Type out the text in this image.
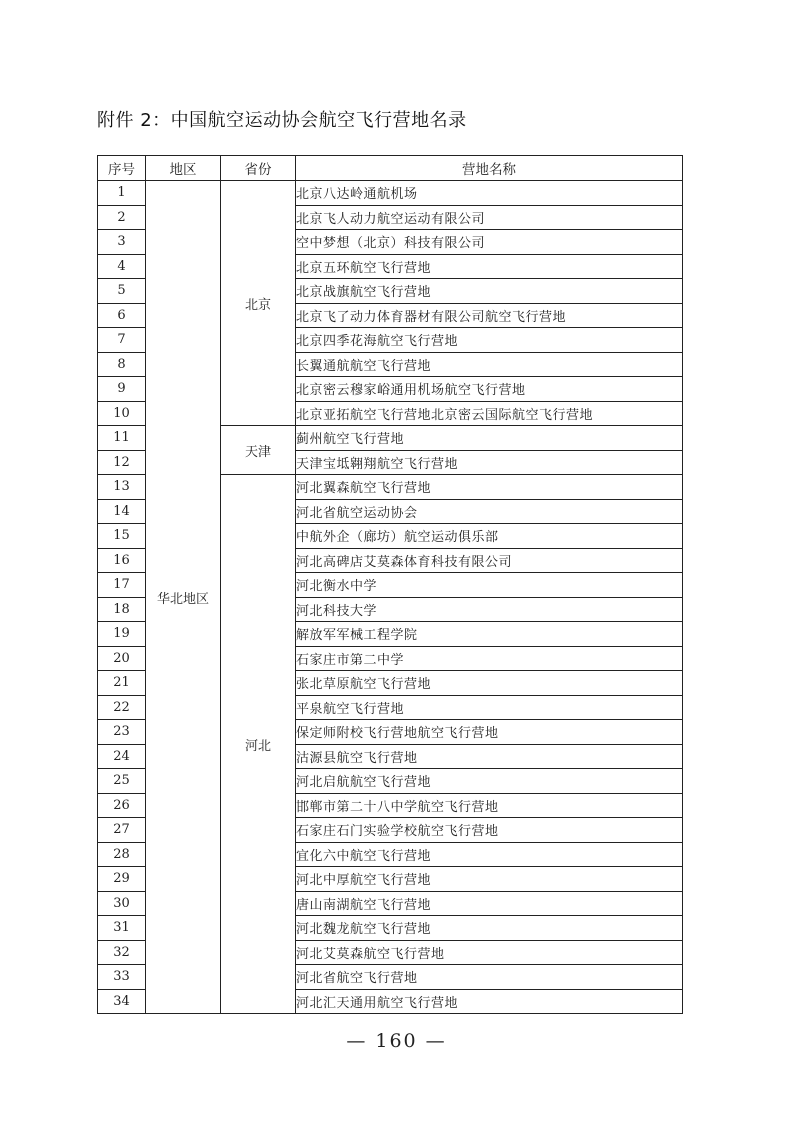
附件 2：中国航空运动协会航空飞行营地名录
序号	地区	省份	营地名称
1	华北地区	北京	北京八达岭通航机场
2			北京飞人动力航空运动有限公司
3			空中梦想（北京）科技有限公司
4			北京五环航空飞行营地
5			北京战旗航空飞行营地
6			北京飞了动力体育器材有限公司航空飞行营地
7			北京四季花海航空飞行营地
8			长翼通航航空飞行营地
9			北京密云穆家峪通用机场航空飞行营地
10			北京亚拓航空飞行营地北京密云国际航空飞行营地
11		天津	蓟州航空飞行营地
12			天津宝坻翱翔航空飞行营地
13		河北	河北翼森航空飞行营地
14			河北省航空运动协会
15			中航外企（廊坊）航空运动俱乐部
16			河北高碑店艾莫森体育科技有限公司
17			河北衡水中学
18			河北科技大学
19			解放军军械工程学院
20			石家庄市第二中学
21			张北草原航空飞行营地
22			平泉航空飞行营地
23			保定师附校飞行营地航空飞行营地
24			沽源县航空飞行营地
25			河北启航航空飞行营地
26			邯郸市第二十八中学航空飞行营地
27			石家庄石门实验学校航空飞行营地
28			宜化六中航空飞行营地
29			河北中厚航空飞行营地
30			唐山南湖航空飞行营地
31			河北魏龙航空飞行营地
32			河北艾莫森航空飞行营地
33			河北省航空飞行营地
34			河北汇天通用航空飞行营地
— 160 —
